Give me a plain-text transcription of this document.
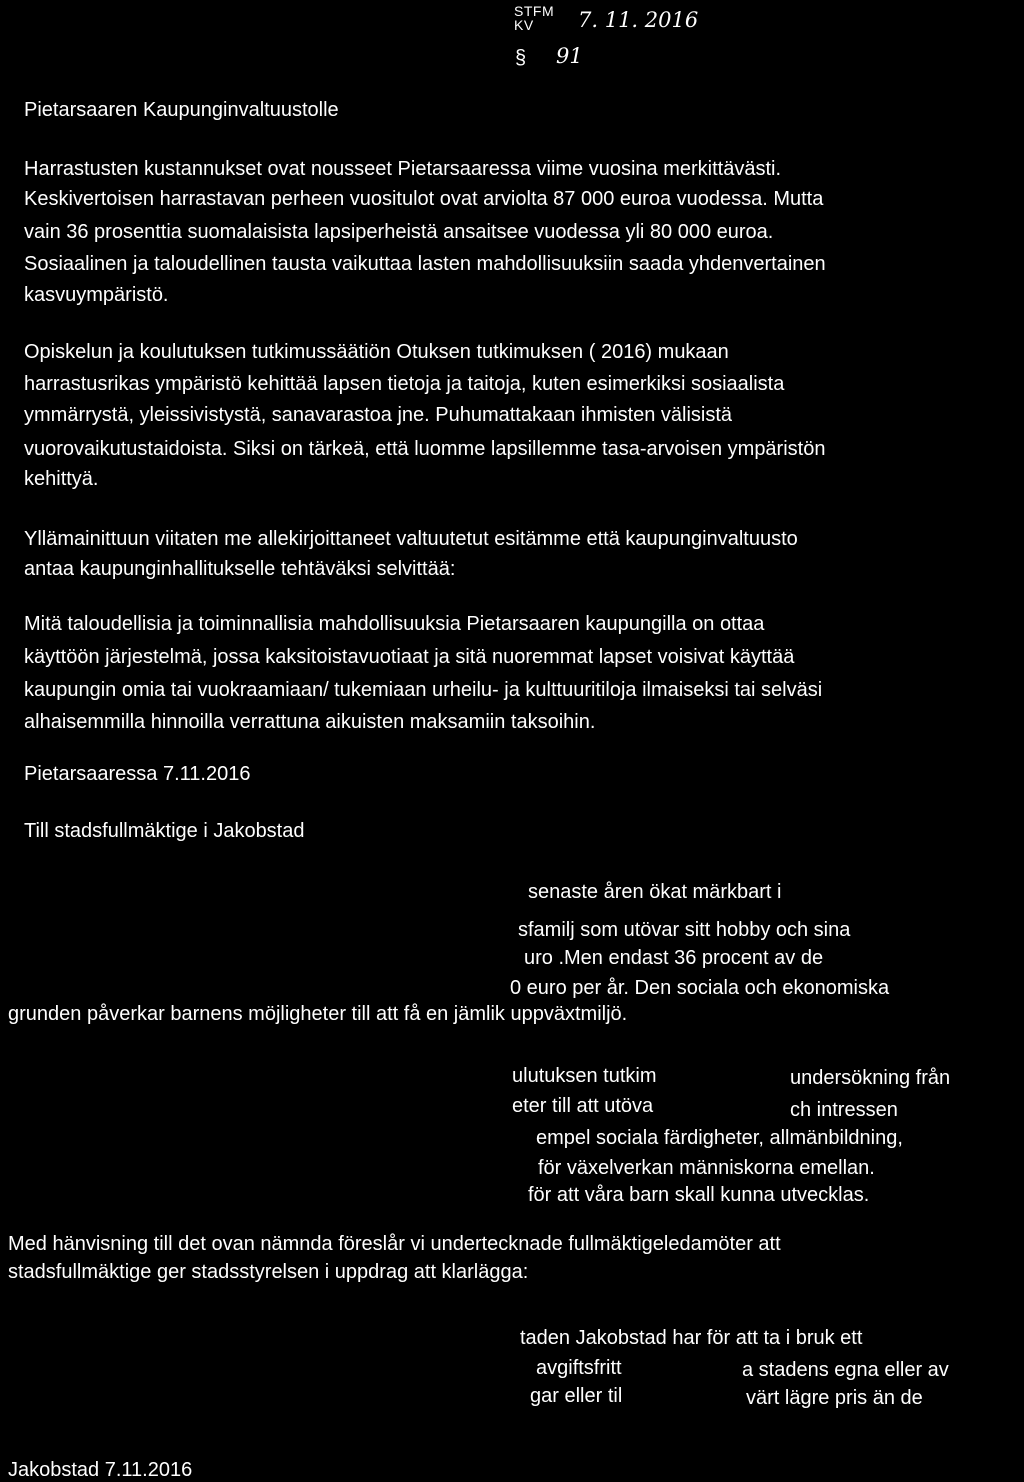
STFM
KV 7. 11. 2016
§ 91
Pietarsaaren Kaupunginvaltuustolle
Harrastusten kustannukset ovat nousseet Pietarsaaressa viime vuosina merkittävästi.
Keskivertoisen harrastavan perheen vuositulot ovat arviolta 87 000 euroa vuodessa. Mutta
vain 36 prosenttia suomalaisista lapsiperheistä ansaitsee vuodessa yli 80 000 euroa.
Sosiaalinen ja taloudellinen tausta vaikuttaa lasten mahdollisuuksiin saada yhdenvertainen
kasvuympäristö.
Opiskelun ja koulutuksen tutkimussäätiön Otuksen tutkimuksen ( 2016) mukaan
harrastusrikas ympäristö kehittää lapsen tietoja ja taitoja, kuten esimerkiksi sosiaalista
ymmärrystä, yleissivistystä, sanavarastoa jne. Puhumattakaan ihmisten välisistä
vuorovaikutustaidoista. Siksi on tärkeä, että luomme lapsillemme tasa-arvoisen ympäristön
kehittyä.
Yllämainittuun viitaten me allekirjoittaneet valtuutetut esitämme että kaupunginvaltuusto
antaa kaupunginhallitukselle tehtäväksi selvittää:
Mitä taloudellisia ja toiminnallisia mahdollisuuksia Pietarsaaren kaupungilla on ottaa
käyttöön järjestelmä, jossa kaksitoistavuotiaat ja sitä nuoremmat lapset voisivat käyttää
kaupungin omia tai vuokraamiaan/ tukemiaan urheilu- ja kulttuuritiloja ilmaiseksi tai selväsi
alhaisemmilla hinnoilla verrattuna aikuisten maksamiin taksoihin.
Pietarsaaressa 7.11.2016
Till stadsfullmäktige i Jakobstad
senaste åren ökat märkbart i
sfamilj som utövar sitt hobby och sina
uro .Men endast 36 procent av de
0 euro per år. Den sociala och ekonomiska
grunden påverkar barnens möjligheter till att få en jämlik uppväxtmiljö.
ulutuksen tutkim	undersökning från
eter till att utöva	ch intressen
empel sociala färdigheter, allmänbildning,
för växelverkan människorna emellan.
för att våra barn skall kunna utvecklas.
Med hänvisning till det ovan nämnda föreslår vi undertecknade fullmäktigeledamöter att
stadsfullmäktige ger stadsstyrelsen i uppdrag att klarlägga:
taden Jakobstad har för att ta i bruk ett
avgiftsfritt	a stadens egna eller av
gar eller til	värt lägre pris än de
Jakobstad 7.11.2016
